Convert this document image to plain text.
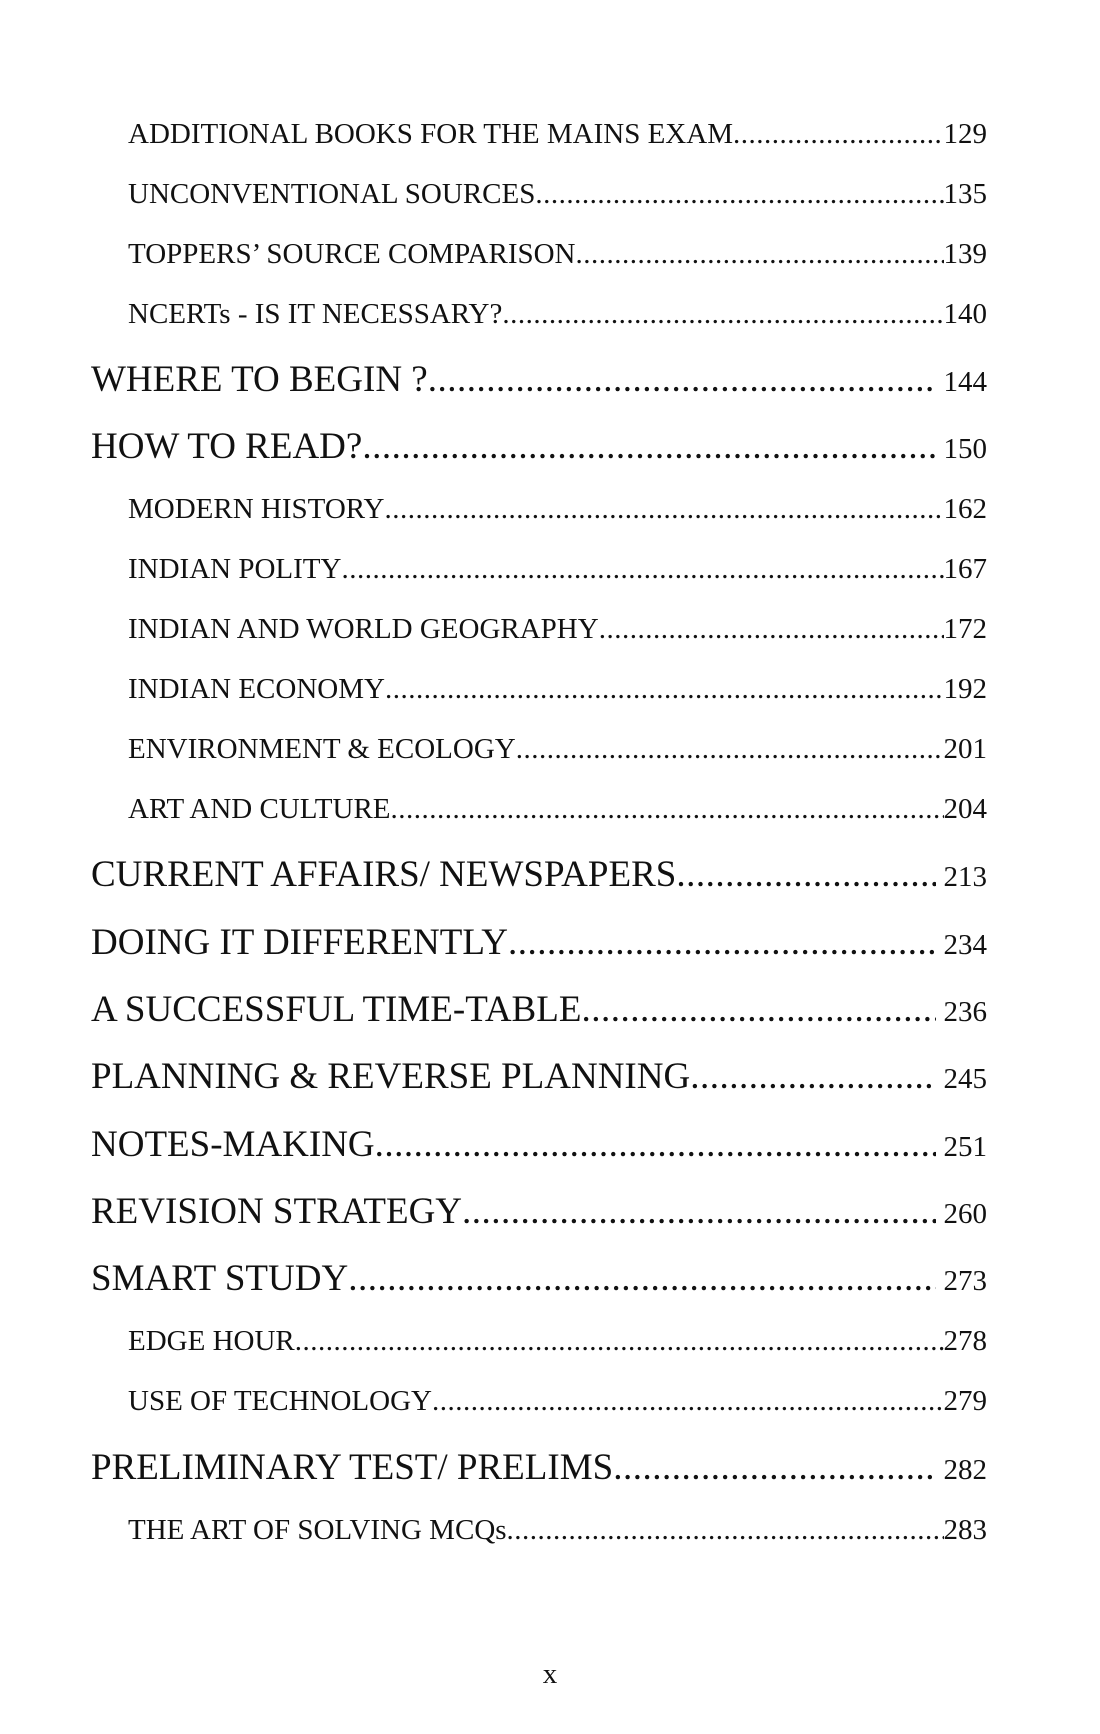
ADDITIONAL BOOKS FOR THE MAINS EXAM .....	129
UNCONVENTIONAL SOURCES .....	135
TOPPERS’ SOURCE COMPARISON .....	139
NCERTs - IS IT NECESSARY? .....	140
WHERE TO BEGIN ? .....	144
HOW TO READ? .....	150
MODERN HISTORY .....	162
INDIAN POLITY .....	167
INDIAN AND WORLD GEOGRAPHY .....	172
INDIAN ECONOMY .....	192
ENVIRONMENT & ECOLOGY .....	201
ART AND CULTURE .....	204
CURRENT AFFAIRS/ NEWSPAPERS .....	213
DOING IT DIFFERENTLY .....	234
A SUCCESSFUL TIME-TABLE .....	236
PLANNING & REVERSE PLANNING .....	245
NOTES-MAKING .....	251
REVISION STRATEGY .....	260
SMART STUDY .....	273
EDGE HOUR .....	278
USE OF TECHNOLOGY .....	279
PRELIMINARY TEST/ PRELIMS .....	282
THE ART OF SOLVING MCQs .....	283
x
